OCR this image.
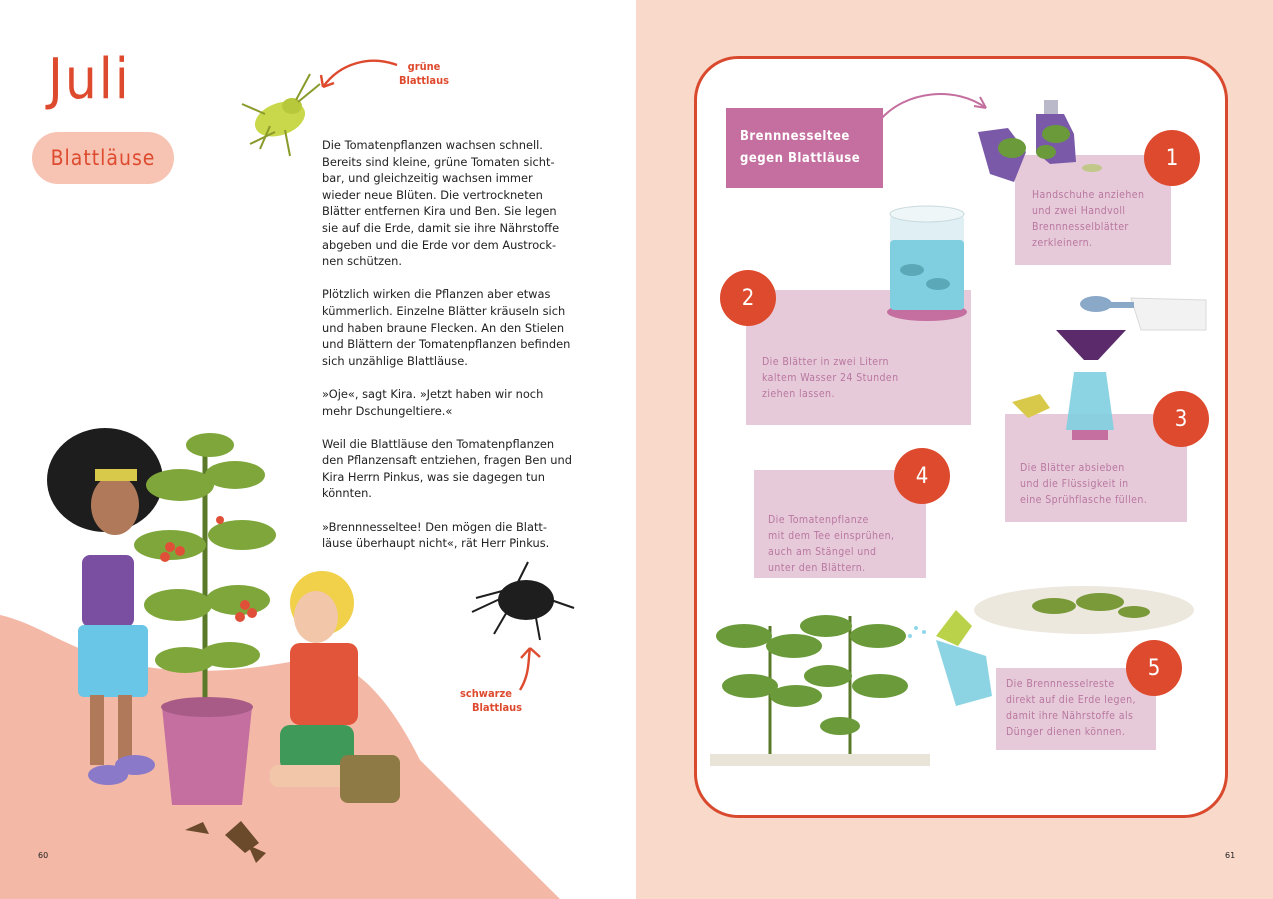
Juli
Blattläuse
grüne
Blattlaus

Die Tomatenpflanzen wachsen schnell. Bereits sind kleine, grüne Tomaten sichtbar, und gleichzeitig wachsen immer wieder neue Blüten. Die vertrockneten Blätter entfernen Kira und Ben. Sie legen sie auf die Erde, damit sie ihre Nährstoffe abgeben und die Erde vor dem Austrocknen schützen.

Plötzlich wirken die Pflanzen aber etwas kümmerlich. Einzelne Blätter kräuseln sich und haben braune Flecken. An den Stielen und Blättern der Tomatenpflanzen befinden sich unzählige Blattläuse.

»Oje«, sagt Kira. »Jetzt haben wir noch mehr Dschungeltiere.«

Weil die Blattläuse den Tomatenpflanzen den Pflanzensaft entziehen, fragen Ben und Kira Herrn Pinkus, was sie dagegen tun könnten.

»Brennnesseltee! Den mögen die Blattläuse überhaupt nicht«, rät Herr Pinkus.

schwarze
Blattlaus
60
Brennnesseltee
gegen Blattläuse
Handschuhe anziehen
und zwei Handvoll
Brennnesselblätter
zerkleinern.
1
Die Blätter in zwei Litern
kaltem Wasser 24 Stunden
ziehen lassen.
2
Die Blätter absieben
und die Flüssigkeit in
eine Sprühflasche füllen.
3
Die Tomatenpflanze
mit dem Tee einsprühen,
auch am Stängel und
unter den Blättern.
4
Die Brennnesselreste
direkt auf die Erde legen,
damit ihre Nährstoffe als
Dünger dienen können.
5
61
